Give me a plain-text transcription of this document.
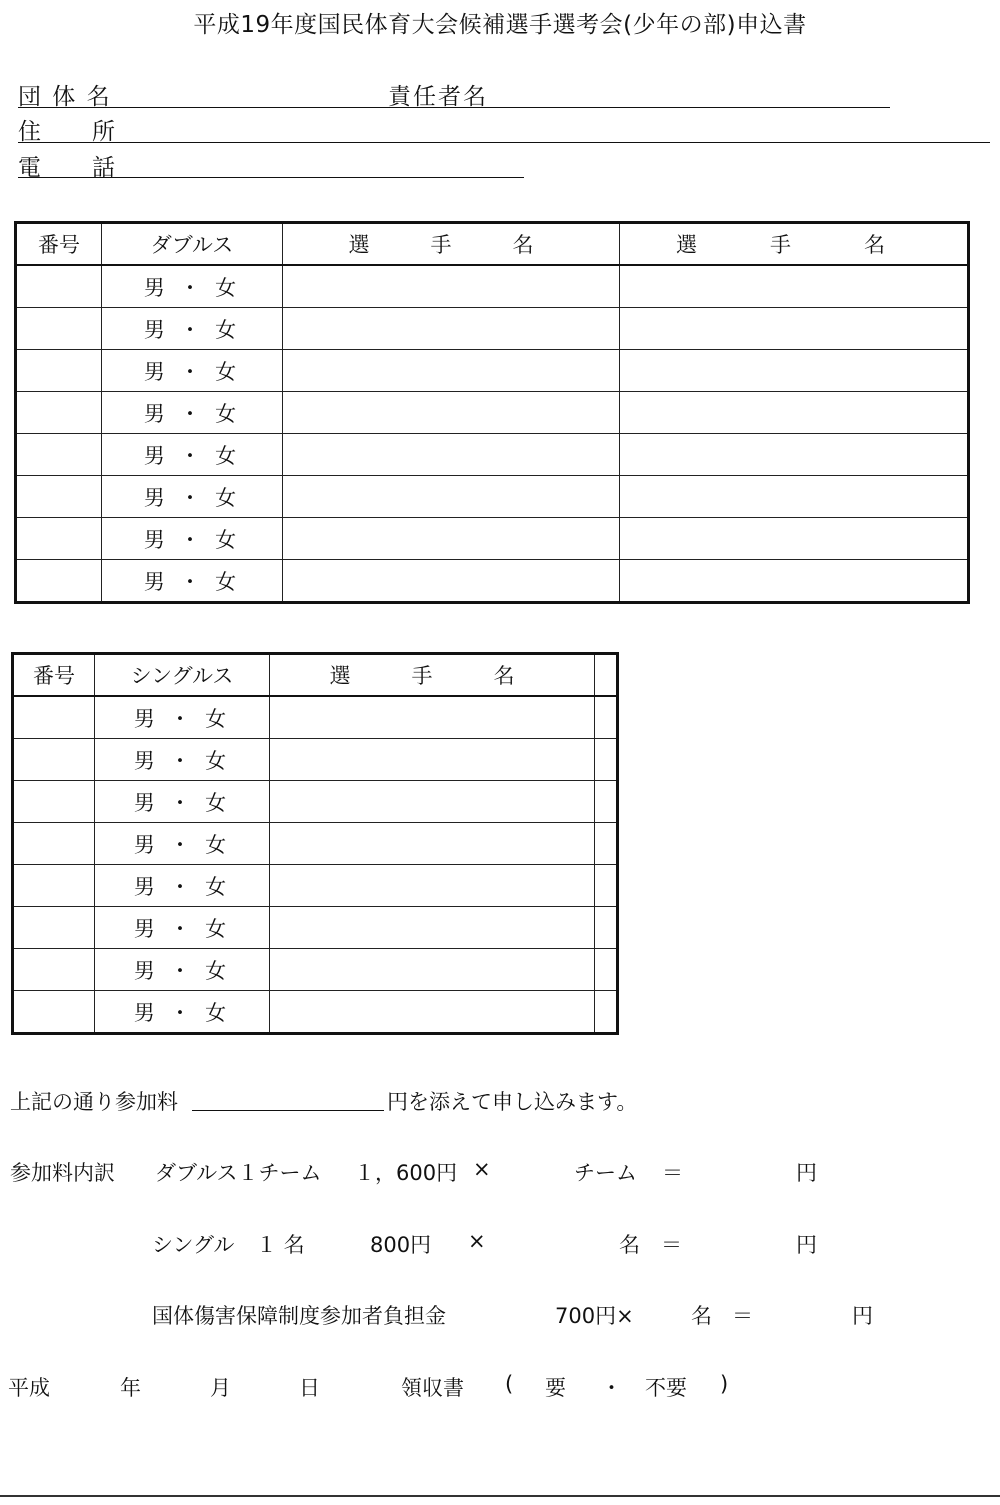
平成19年度国民体育大会候補選手選考会(少年の部)申込書
団 体 名	責任者名
住　所
電　話
番号	ダブルス	選　手　名	選　手　名
	男 ・ 女		
	男 ・ 女		
	男 ・ 女		
	男 ・ 女		
	男 ・ 女		
	男 ・ 女		
	男 ・ 女		
	男 ・ 女		
番号	シングルス	選　手　名	
	男 ・ 女		
	男 ・ 女		
	男 ・ 女		
	男 ・ 女		
	男 ・ 女		
	男 ・ 女		
	男 ・ 女		
	男 ・ 女		
上記の通り参加料	円を添えて申し込みます。
参加料内訳 ダブルス１チーム １，600円 ×	チーム ＝	円
シングル １ 名	800円 ×	名 ＝	円
国体傷害保障制度参加者負担金	700円×	名 ＝	円
平成	年	月	日	領収書 ( 要 ・ 不要 )
